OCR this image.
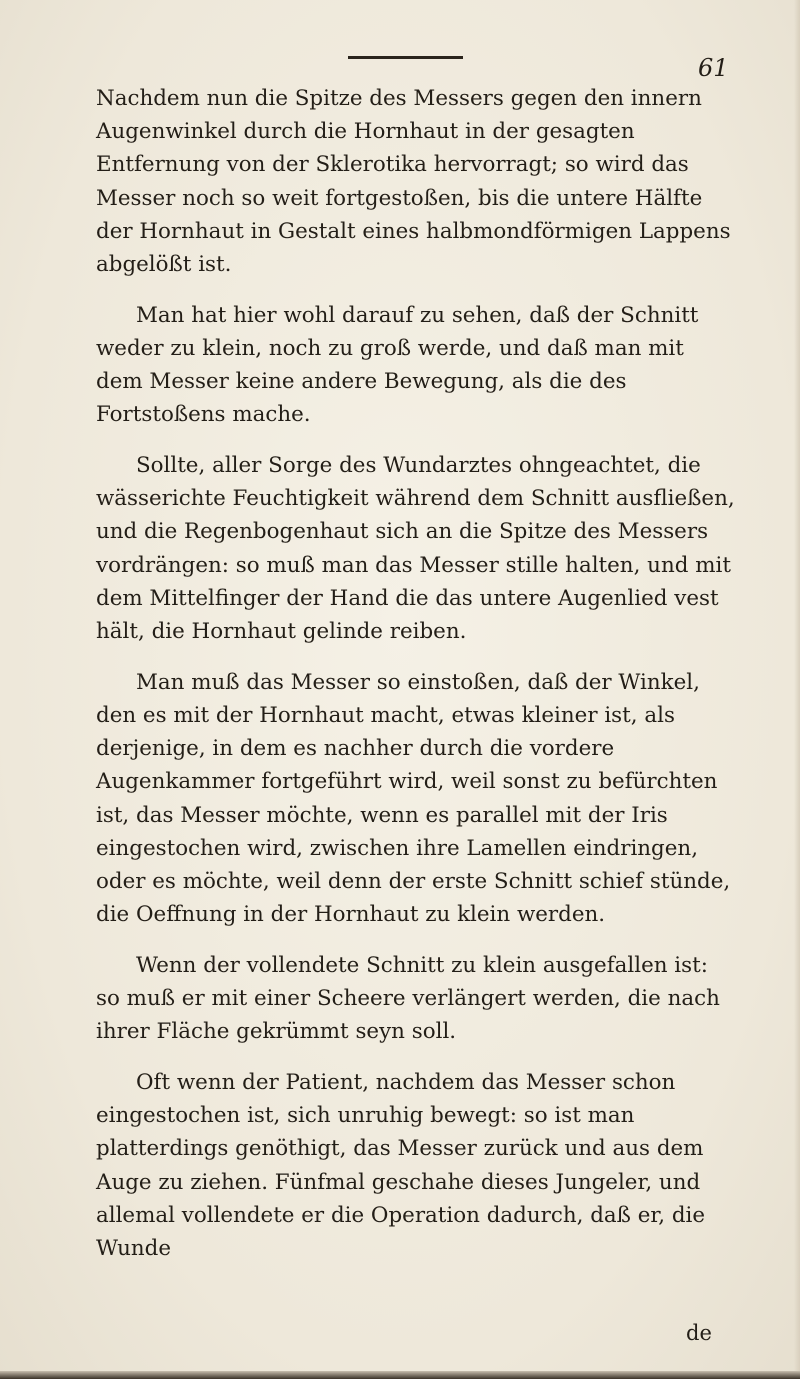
61

Nachdem nun die Spitze des Messers gegen den innern Augenwinkel durch die Hornhaut in der gesagten Entfernung von der Sklerotika hervorragt; so wird das Messer noch so weit fortgestoßen, bis die untere Hälfte der Hornhaut in Gestalt eines halbmondförmigen Lappens abgelößt ist.

Man hat hier wohl darauf zu sehen, daß der Schnitt weder zu klein, noch zu groß werde, und daß man mit dem Messer keine andere Bewegung, als die des Fortstoßens mache.

Sollte, aller Sorge des Wundarztes ohngeachtet, die wässerichte Feuchtigkeit während dem Schnitt ausfließen, und die Regenbogenhaut sich an die Spitze des Messers vordrängen: so muß man das Messer stille halten, und mit dem Mittelfinger der Hand die das untere Augenlied vest hält, die Hornhaut gelinde reiben.

Man muß das Messer so einstoßen, daß der Winkel, den es mit der Hornhaut macht, etwas kleiner ist, als derjenige, in dem es nachher durch die vordere Augenkammer fortgeführt wird, weil sonst zu befürchten ist, das Messer möchte, wenn es parallel mit der Iris eingestochen wird, zwischen ihre Lamellen eindringen, oder es möchte, weil denn der erste Schnitt schief stünde, die Oeffnung in der Hornhaut zu klein werden.

Wenn der vollendete Schnitt zu klein ausgefallen ist: so muß er mit einer Scheere verlängert werden, die nach ihrer Fläche gekrümmt seyn soll.

Oft wenn der Patient, nachdem das Messer schon eingestochen ist, sich unruhig bewegt: so ist man platterdings genöthigt, das Messer zurück und aus dem Auge zu ziehen. Fünfmal geschahe dieses Jungeler, und allemal vollendete er die Operation dadurch, daß er, die Wunde

de
